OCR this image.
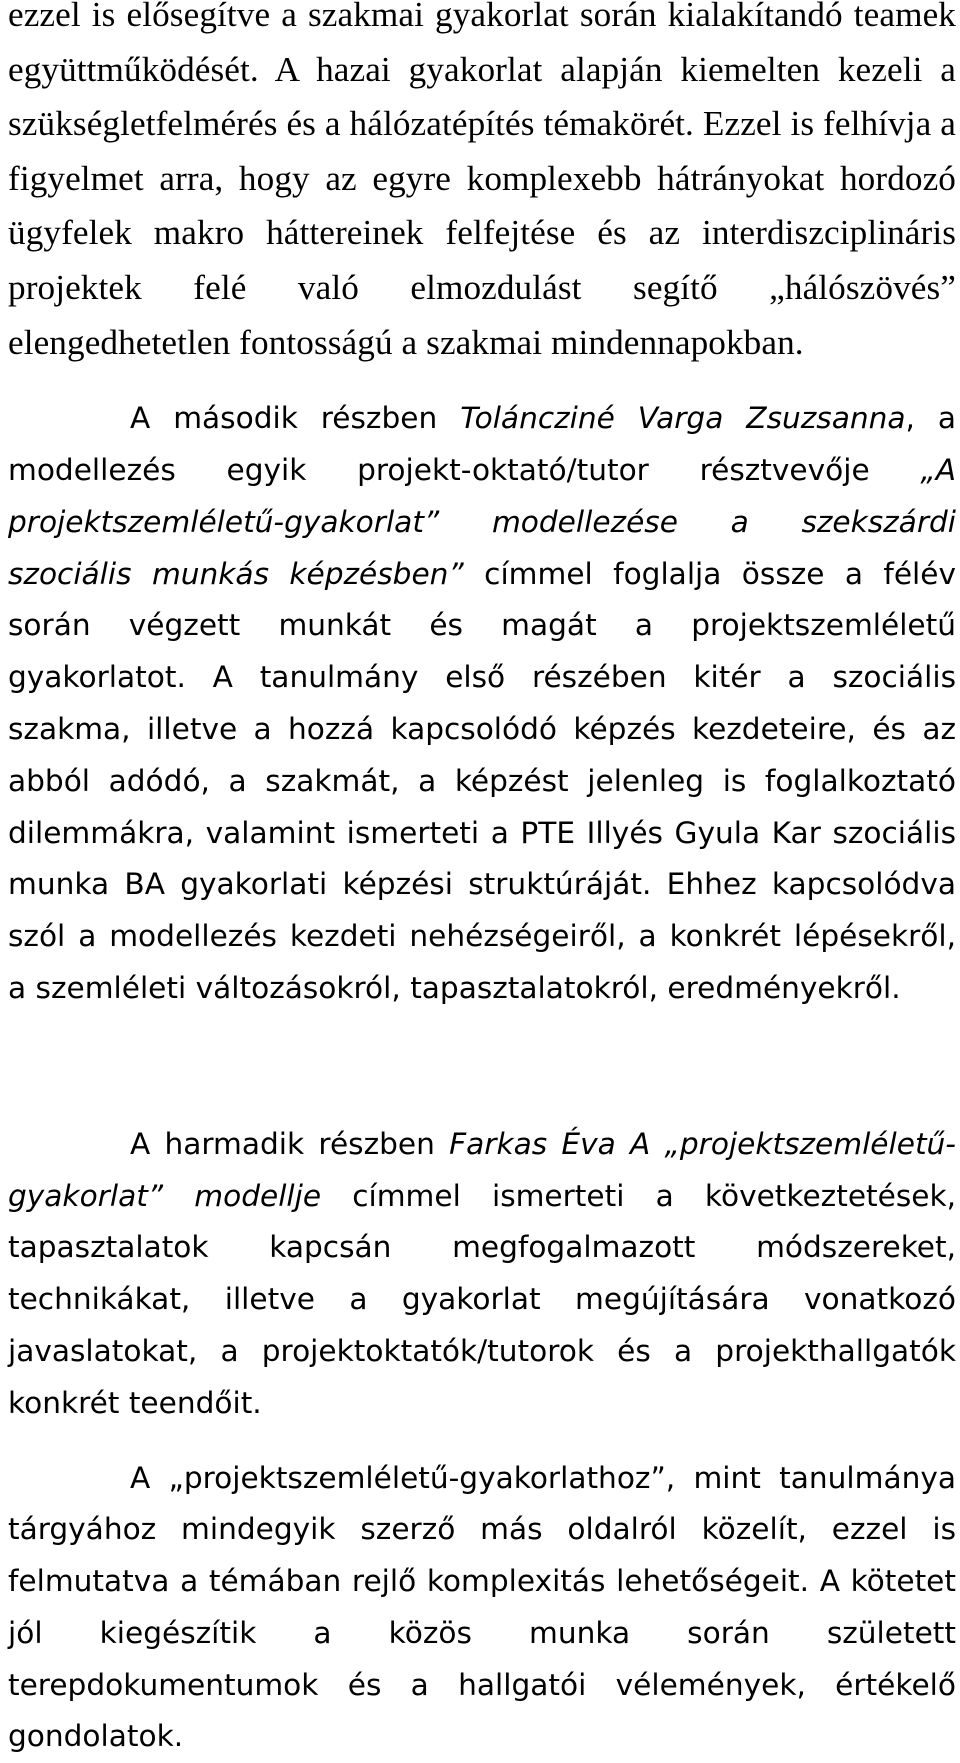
ezzel is elősegítve a szakmai gyakorlat során kialakítandó teamek együttműködését. A hazai gyakorlat alapján kiemelten kezeli a szükségletfelmérés és a hálózatépítés témakörét. Ezzel is felhívja a figyelmet arra, hogy az egyre komplexebb hátrányokat hordozó ügyfelek makro háttereinek felfejtése és az interdiszciplináris projektek felé való elmozdulást segítő „hálószövés” elengedhetetlen fontosságú a szakmai mindennapokban.

A második részben Toláncziné Varga Zsuzsanna, a modellezés egyik projekt-oktató/tutor résztvevője „A projektszemléletű-gyakorlat” modellezése a szekszárdi szociális munkás képzésben” címmel foglalja össze a félév során végzett munkát és magát a projektszemléletű gyakorlatot. A tanulmány első részében kitér a szociális szakma, illetve a hozzá kapcsolódó képzés kezdeteire, és az abból adódó, a szakmát, a képzést jelenleg is foglalkoztató dilemmákra, valamint ismerteti a PTE Illyés Gyula Kar szociális munka BA gyakorlati képzési struktúráját. Ehhez kapcsolódva szól a modellezés kezdeti nehézségeiről, a konkrét lépésekről, a szemléleti változásokról, tapasztalatokról, eredményekről.

A harmadik részben Farkas Éva A „projektszemléletű-gyakorlat” modellje címmel ismerteti a következtetések, tapasztalatok kapcsán megfogalmazott módszereket, technikákat, illetve a gyakorlat megújítására vonatkozó javaslatokat, a projektoktatók/tutorok és a projekthallgatók konkrét teendőit.

A „projektszemléletű-gyakorlathoz”, mint tanulmánya tárgyához mindegyik szerző más oldalról közelít, ezzel is felmutatva a témában rejlő komplexitás lehetőségeit. A kötetet jól kiegészítik a közös munka során született terepdokumentumok és a hallgatói vélemények, értékelő gondolatok.
